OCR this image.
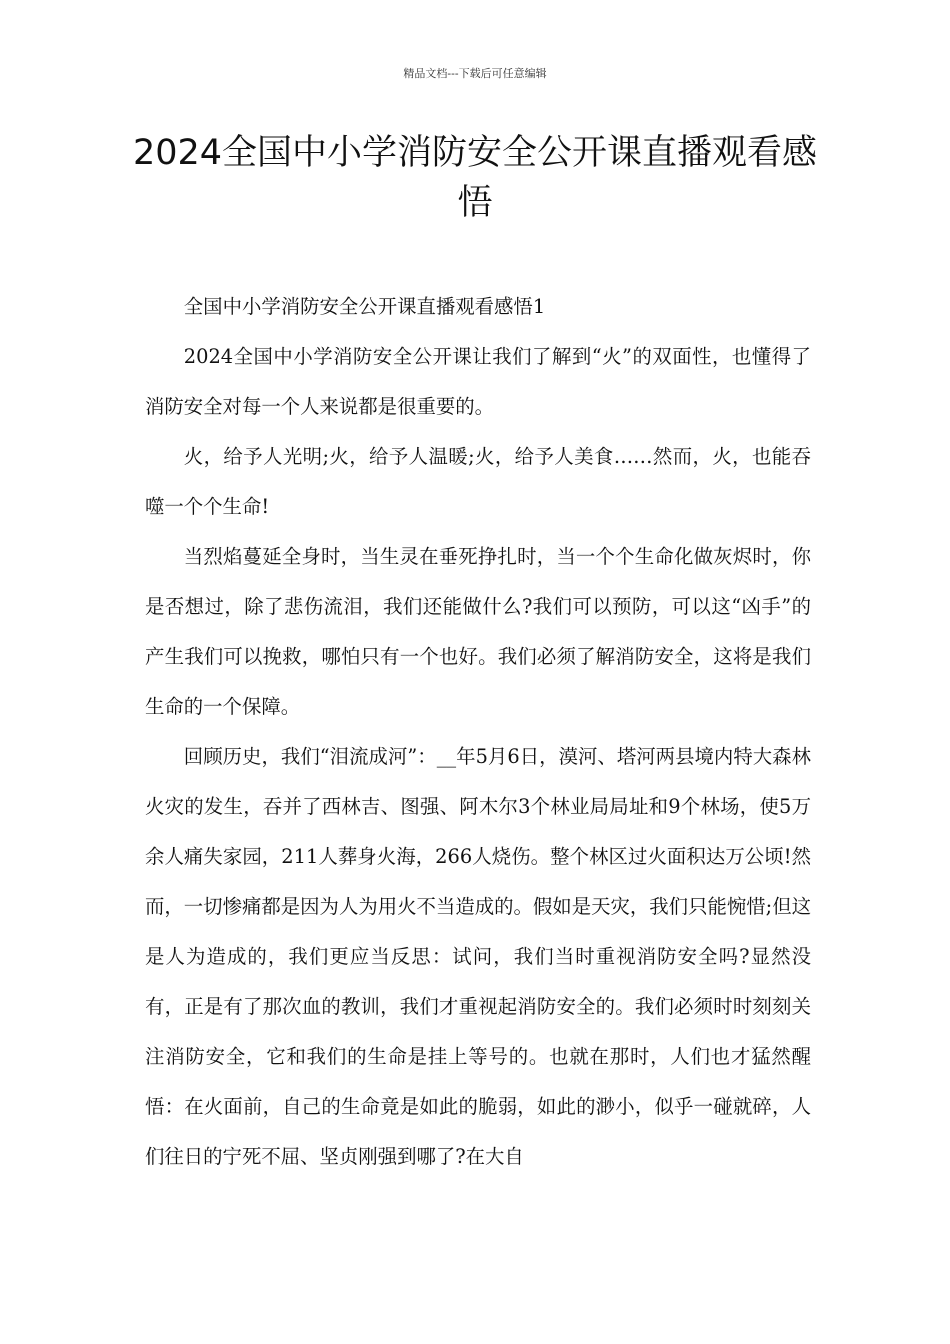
精品文档---下载后可任意编辑
2024全国中小学消防安全公开课直播观看感悟

全国中小学消防安全公开课直播观看感悟1

2024全国中小学消防安全公开课让我们了解到“火”的双面性，也懂得了消防安全对每一个人来说都是很重要的。

火，给予人光明;火，给予人温暖;火，给予人美食……然而，火，也能吞噬一个个生命!

当烈焰蔓延全身时，当生灵在垂死挣扎时，当一个个生命化做灰烬时，你是否想过，除了悲伤流泪，我们还能做什么?我们可以预防，可以这“凶手”的产生我们可以挽救，哪怕只有一个也好。我们必须了解消防安全，这将是我们生命的一个保障。

回顾历史，我们“泪流成河”：__年5月6日，漠河、塔河两县境内特大森林火灾的发生，吞并了西林吉、图强、阿木尔3个林业局局址和9个林场，使5万余人痛失家园，211人葬身火海，266人烧伤。整个林区过火面积达万公顷!然而，一切惨痛都是因为人为用火不当造成的。假如是天灾，我们只能惋惜;但这是人为造成的，我们更应当反思：试问，我们当时重视消防安全吗?显然没有，正是有了那次血的教训，我们才重视起消防安全的。我们必须时时刻刻关注消防安全，它和我们的生命是挂上等号的。也就在那时，人们也才猛然醒悟：在火面前，自己的生命竟是如此的脆弱，如此的渺小，似乎一碰就碎，人们往日的宁死不屈、坚贞刚强到哪了?在大自
